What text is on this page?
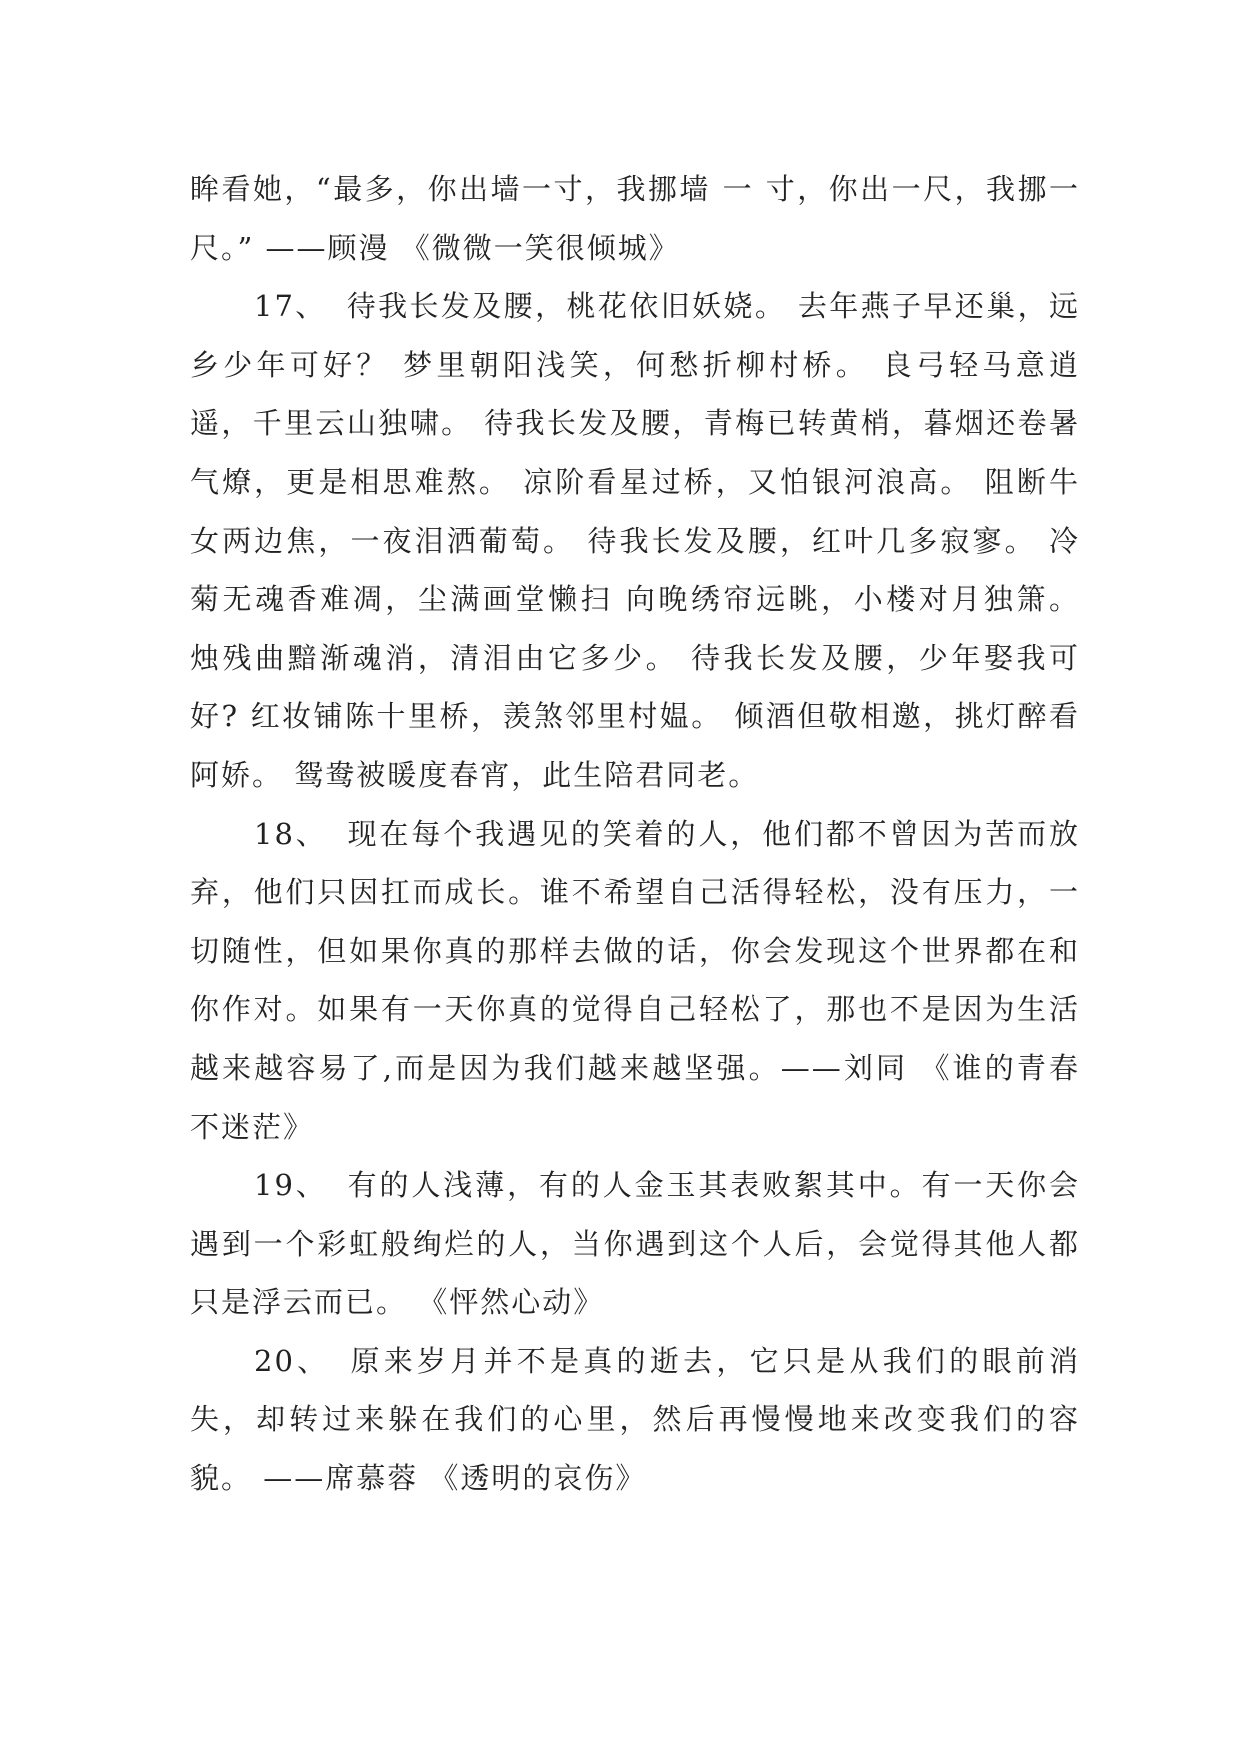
眸看她，“最多，你出墙一寸，我挪墙 一 寸，你出一尺，我挪一尺。” ——顾漫 《微微一笑很倾城》

17、 待我长发及腰，桃花依旧妖娆。 去年燕子早还巢，远乡少年可好？ 梦里朝阳浅笑，何愁折柳村桥。 良弓轻马意逍遥，千里云山独啸。 待我长发及腰，青梅已转黄梢，暮烟还卷暑气燎，更是相思难熬。 凉阶看星过桥，又怕银河浪高。 阻断牛女两边焦，一夜泪洒葡萄。 待我长发及腰，红叶几多寂寥。 冷菊无魂香难凋，尘满画堂懒扫 向晚绣帘远眺，小楼对月独箫。 烛残曲黯渐魂消，清泪由它多少。 待我长发及腰，少年娶我可好? 红妆铺陈十里桥，羡煞邻里村媪。 倾酒但敬相邀，挑灯醉看阿娇。 鸳鸯被暖度春宵，此生陪君同老。

18、 现在每个我遇见的笑着的人，他们都不曾因为苦而放弃，他们只因扛而成长。谁不希望自己活得轻松，没有压力，一切随性，但如果你真的那样去做的话，你会发现这个世界都在和你作对。如果有一天你真的觉得自己轻松了，那也不是因为生活越来越容易了,而是因为我们越来越坚强。——刘同 《谁的青春不迷茫》

19、 有的人浅薄，有的人金玉其表败絮其中。有一天你会遇到一个彩虹般绚烂的人，当你遇到这个人后，会觉得其他人都只是浮云而已。 《怦然心动》

20、 原来岁月并不是真的逝去，它只是从我们的眼前消失，却转过来躲在我们的心里，然后再慢慢地来改变我们的容貌。 ——席慕蓉 《透明的哀伤》
